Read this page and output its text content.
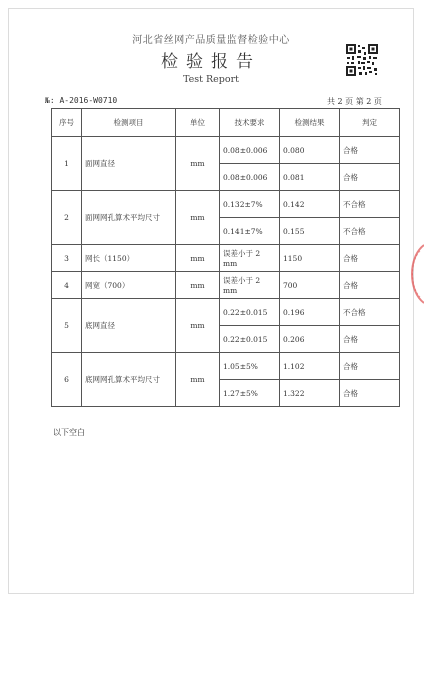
河北省丝网产品质量监督检验中心
检验报告
Test Report
№: A-2016-W0710	共 2 页 第 2 页
序号	检测项目	单位	技术要求	检测结果	判定
1	面网直径	mm	0.08±0.006	0.080	合格
			0.08±0.006	0.081	合格
2	面网网孔算术平均尺寸	mm	0.132±7%	0.142	不合格
			0.141±7%	0.155	不合格
3	网长（1150）	mm	误差小于 2 mm	1150	合格
4	网宽（700）	mm	误差小于 2 mm	700	合格
5	底网直径	mm	0.22±0.015	0.196	不合格
			0.22±0.015	0.206	合格
6	底网网孔算术平均尺寸	mm	1.05±5%	1.102	合格
			1.27±5%	1.322	合格
以下空白
